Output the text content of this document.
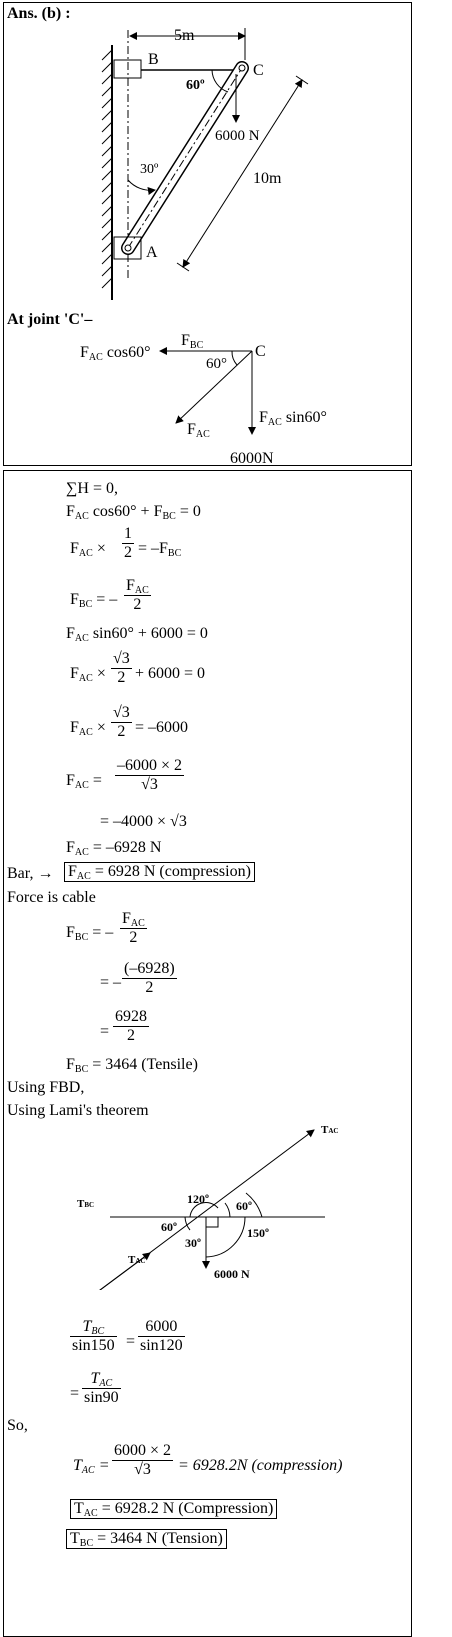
Ans. (b) :
5m
B
C
A
60º
30º
6000 N
10m
At joint 'C'–
FAC cos60°
FBC
60°
C
FAC
FAC sin60°
6000N
∑H = 0,
FAC cos60° + FBC = 0
FAC × $\frac{1}{2} = -FBC$
FBC = –
FAC
2
FAC sin60° + 6000 = 0
FAC × $\frac{√3}{2} + 6000 = 0$
FAC × $\frac{√3}{2} = -6000$
FAC = $\frac{-6000 \times 2}{√3}$
= –4000 × √3
FAC = –6928 N
Bar, → FAC = 6928 N (compression)
Force is cable
FBC = –
FAC
2
= – $\frac{(-6928)}{2}$
= $\frac{6928}{2}$
FBC = 3464 (Tensile)
Using FBD,
Using Lami's theorem
TAC
TBC	120º 60º
150º
60º
30º
TAC
6000 N
TBC
$\sin 150 = \frac{6000}{\sin 120}$
=
TAC
sin90
So,
TAC = $\frac{6000 \times 2}{√3} = 6928.2N$ (compression)
TAC = 6928.2 N (Compression)
TBC = 3464 N (Tension)
